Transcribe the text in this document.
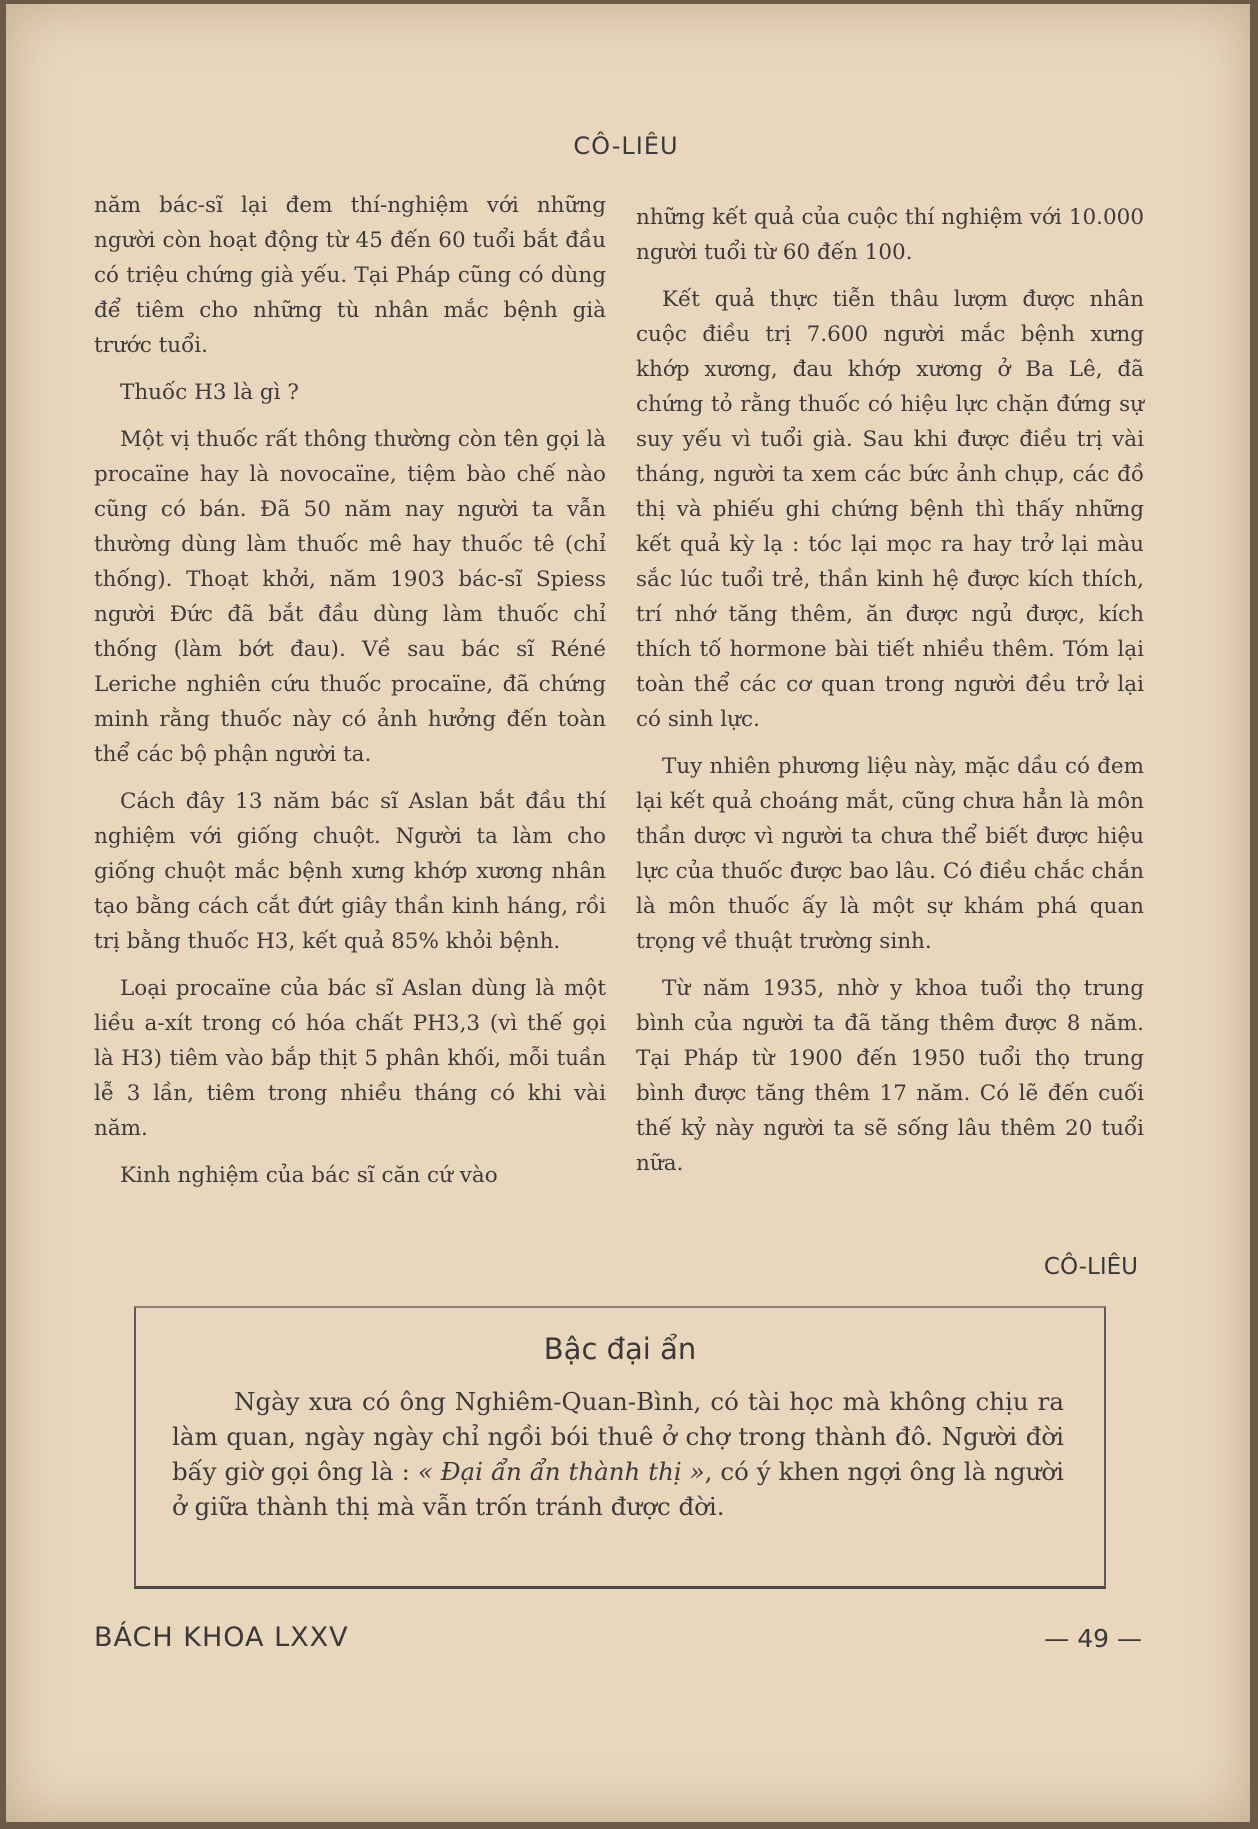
CÔ-LIÊU

năm bác-sĩ lại đem thí-nghiệm với những người còn hoạt động từ 45 đến 60 tuổi bắt đầu có triệu chứng già yếu. Tại Pháp cũng có dùng để tiêm cho những tù nhân mắc bệnh già trước tuổi.

Thuốc H3 là gì ?

Một vị thuốc rất thông thường còn tên gọi là procaïne hay là novocaïne, tiệm bào chế nào cũng có bán. Đã 50 năm nay người ta vẫn thường dùng làm thuốc mê hay thuốc tê (chỉ thống). Thoạt khởi, năm 1903 bác-sĩ Spiess người Đức đã bắt đầu dùng làm thuốc chỉ thống (làm bớt đau). Về sau bác sĩ Réné Leriche nghiên cứu thuốc procaïne, đã chứng minh rằng thuốc này có ảnh hưởng đến toàn thể các bộ phận người ta.

Cách đây 13 năm bác sĩ Aslan bắt đầu thí nghiệm với giống chuột. Người ta làm cho giống chuột mắc bệnh xưng khớp xương nhân tạo bằng cách cắt đứt giây thần kinh háng, rồi trị bằng thuốc H3, kết quả 85% khỏi bệnh.

Loại procaïne của bác sĩ Aslan dùng là một liều a-xít trong có hóa chất PH3,3 (vì thế gọi là H3) tiêm vào bắp thịt 5 phân khối, mỗi tuần lễ 3 lần, tiêm trong nhiều tháng có khi vài năm.

Kinh nghiệm của bác sĩ căn cứ vào

những kết quả của cuộc thí nghiệm với 10.000 người tuổi từ 60 đến 100.

Kết quả thực tiễn thâu lượm được nhân cuộc điều trị 7.600 người mắc bệnh xưng khớp xương, đau khớp xương ở Ba Lê, đã chứng tỏ rằng thuốc có hiệu lực chặn đứng sự suy yếu vì tuổi già. Sau khi được điều trị vài tháng, người ta xem các bức ảnh chụp, các đồ thị và phiếu ghi chứng bệnh thì thấy những kết quả kỳ lạ : tóc lại mọc ra hay trở lại màu sắc lúc tuổi trẻ, thần kinh hệ được kích thích, trí nhớ tăng thêm, ăn được ngủ được, kích thích tố hormone bài tiết nhiều thêm. Tóm lại toàn thể các cơ quan trong người đều trở lại có sinh lực.

Tuy nhiên phương liệu này, mặc dầu có đem lại kết quả choáng mắt, cũng chưa hẳn là môn thần dược vì người ta chưa thể biết được hiệu lực của thuốc được bao lâu. Có điều chắc chắn là môn thuốc ấy là một sự khám phá quan trọng về thuật trường sinh.

Từ năm 1935, nhờ y khoa tuổi thọ trung bình của người ta đã tăng thêm được 8 năm. Tại Pháp từ 1900 đến 1950 tuổi thọ trung bình được tăng thêm 17 năm. Có lẽ đến cuối thế kỷ này người ta sẽ sống lâu thêm 20 tuổi nữa.

CÔ-LIÊU
Bậc đại ẩn
Ngày xưa có ông Nghiêm-Quan-Bình, có tài học mà không chịu ra làm quan, ngày ngày chỉ ngồi bói thuê ở chợ trong thành đô. Người đời bấy giờ gọi ông là : « Đại ẩn ẩn thành thị », có ý khen ngợi ông là người ở giữa thành thị mà vẫn trốn tránh được đời.
BÁCH KHOA LXXV	— 49 —
